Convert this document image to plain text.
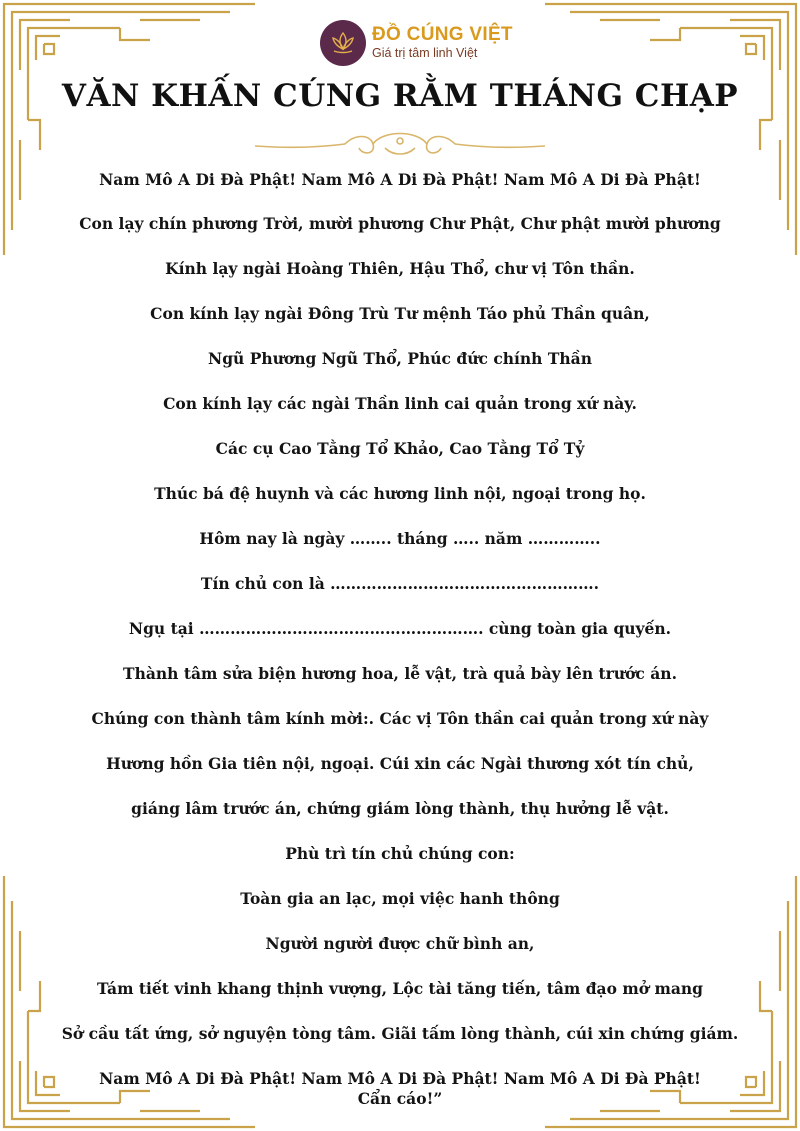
ĐỒ CÚNG VIỆT
Giá trị tâm linh Việt
VĂN KHẤN CÚNG RẰM THÁNG CHẠP
Nam Mô A Di Đà Phật! Nam Mô A Di Đà Phật! Nam Mô A Di Đà Phật!
Con lạy chín phương Trời, mười phương Chư Phật, Chư phật mười phương
Kính lạy ngài Hoàng Thiên, Hậu Thổ, chư vị Tôn thần.
Con kính lạy ngài Đông Trù Tư mệnh Táo phủ Thần quân,
Ngũ Phương Ngũ Thổ, Phúc đức chính Thần
Con kính lạy các ngài Thần linh cai quản trong xứ này.
Các cụ Cao Tằng Tổ Khảo, Cao Tằng Tổ Tỷ
Thúc bá đệ huynh và các hương linh nội, ngoại trong họ.
Hôm nay là ngày …….. tháng ….. năm …………..
Tín chủ con là …………………………………………….
Ngụ tại ………………………………………………. cùng toàn gia quyến.
Thành tâm sửa biện hương hoa, lễ vật, trà quả bày lên trước án.
Chúng con thành tâm kính mời:. Các vị Tôn thần cai quản trong xứ này
Hương hồn Gia tiên nội, ngoại. Cúi xin các Ngài thương xót tín chủ,
giáng lâm trước án, chứng giám lòng thành, thụ hưởng lễ vật.
Phù trì tín chủ chúng con:
Toàn gia an lạc, mọi việc hanh thông
Người người được chữ bình an,
Tám tiết vinh khang thịnh vượng, Lộc tài tăng tiến, tâm đạo mở mang
Sở cầu tất ứng, sở nguyện tòng tâm. Giãi tấm lòng thành, cúi xin chứng giám.
Nam Mô A Di Đà Phật! Nam Mô A Di Đà Phật! Nam Mô A Di Đà Phật!
Cẩn cáo!”
